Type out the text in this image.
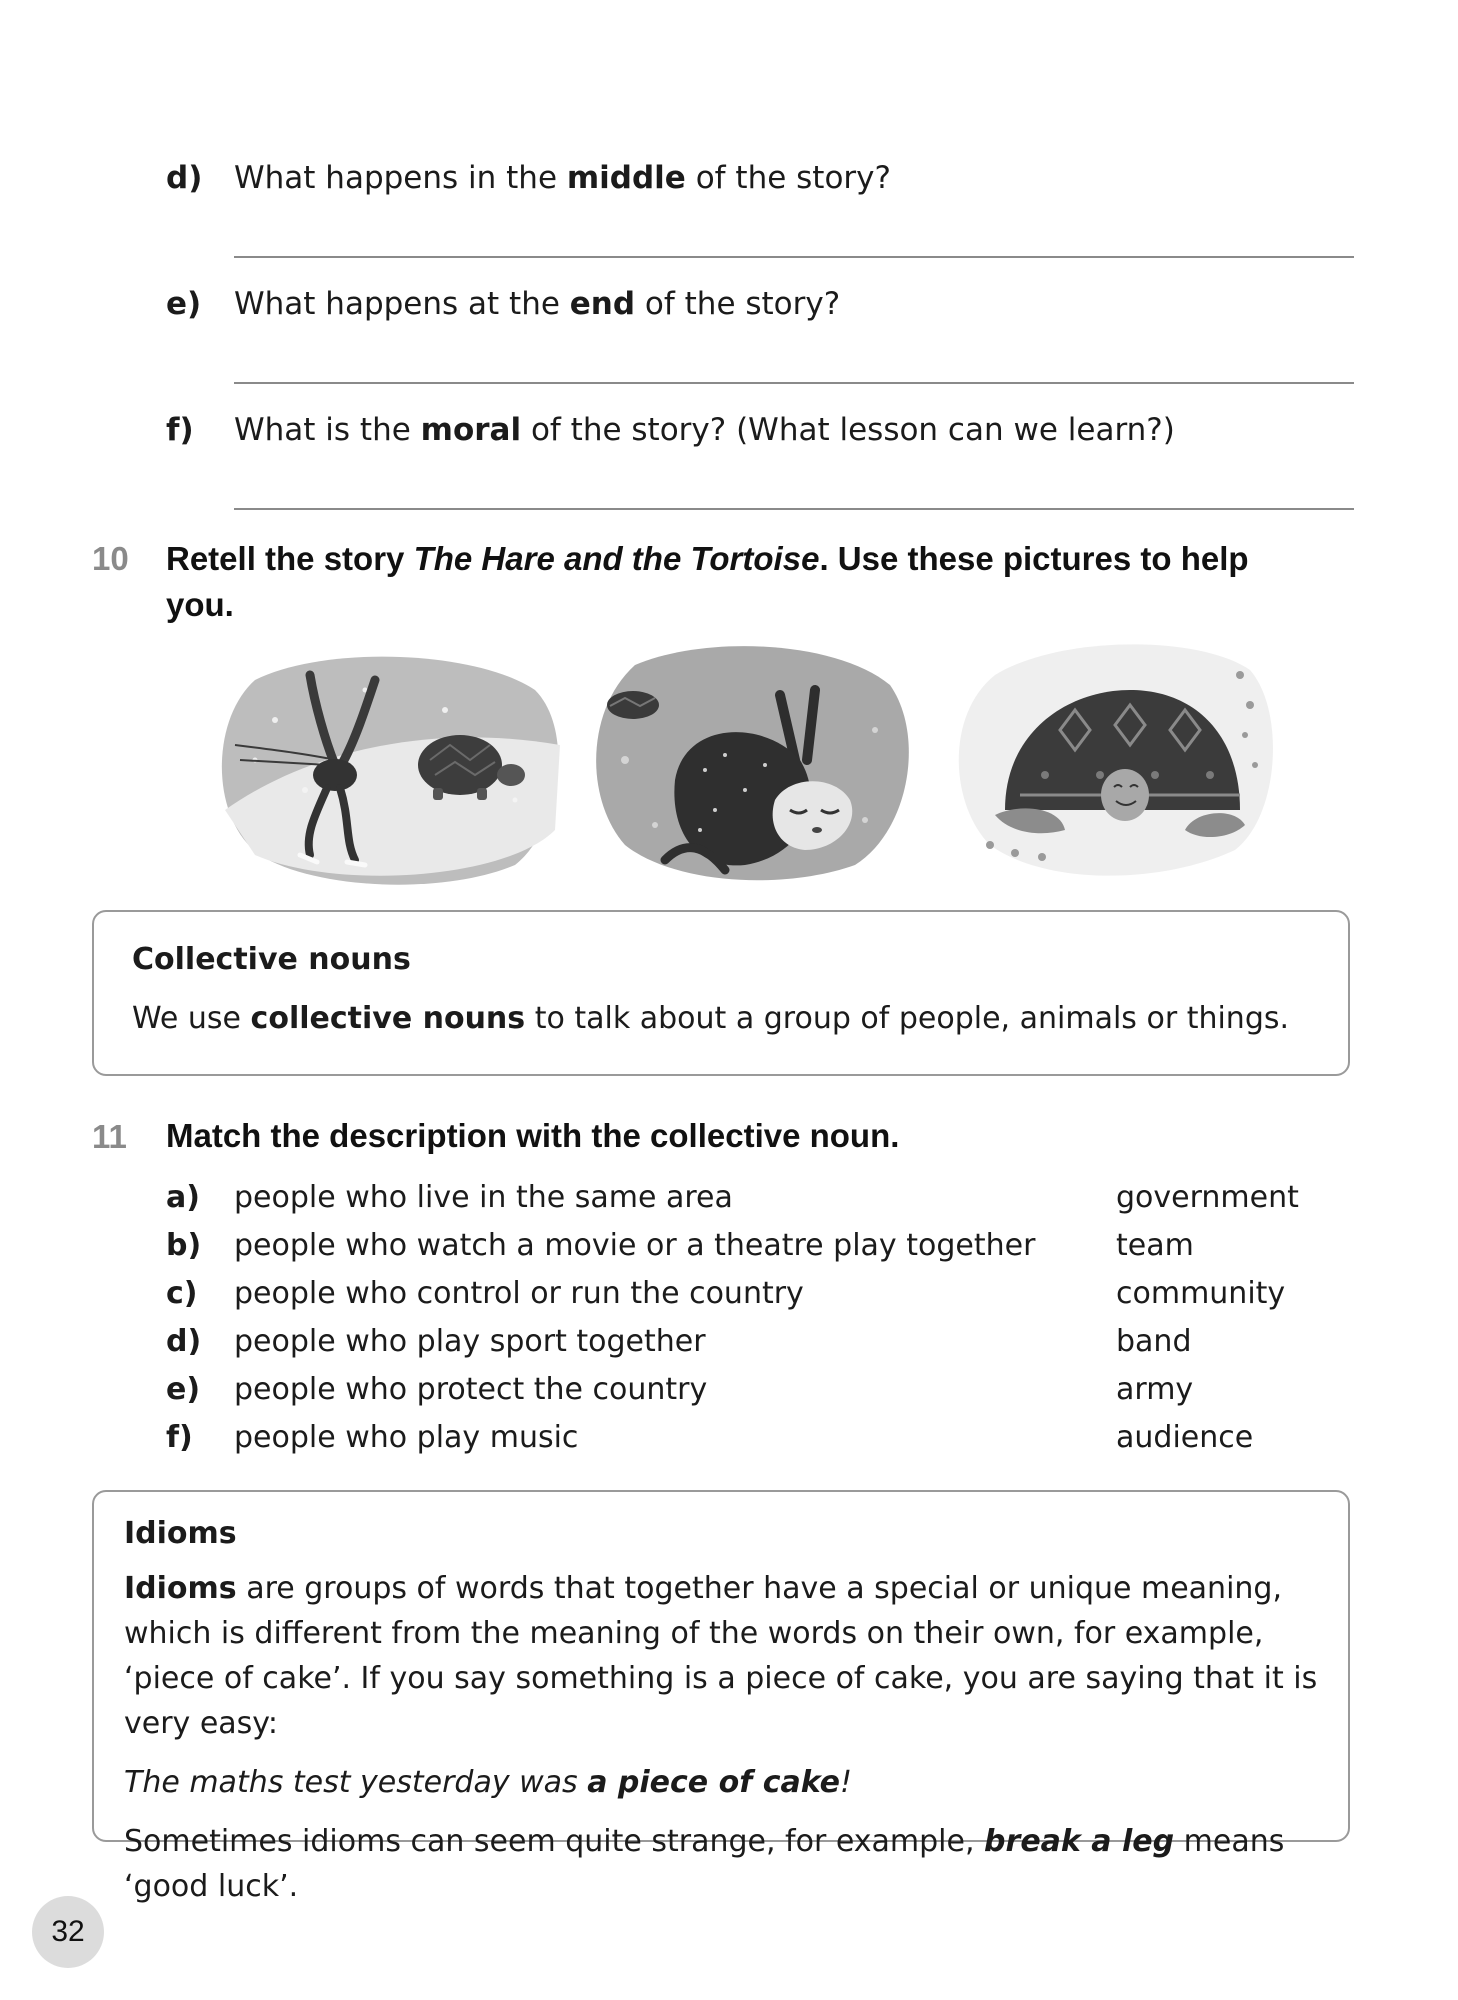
d) What happens in the middle of the story?
e) What happens at the end of the story?
f) What is the moral of the story? (What lesson can we learn?)
10 Retell the story The Hare and the Tortoise. Use these pictures to help you.
Collective nouns
We use collective nouns to talk about a group of people, animals or things.
11 Match the description with the collective noun.
a) people who live in the same area	government
b) people who watch a movie or a theatre play together	team
c) people who control or run the country	community
d) people who play sport together	band
e) people who protect the country	army
f) people who play music	audience
Idioms
Idioms are groups of words that together have a special or unique meaning, which is different from the meaning of the words on their own, for example, ‘piece of cake’. If you say something is a piece of cake, you are saying that it is very easy:
The maths test yesterday was a piece of cake!
Sometimes idioms can seem quite strange, for example, break a leg means ‘good luck’.
32
